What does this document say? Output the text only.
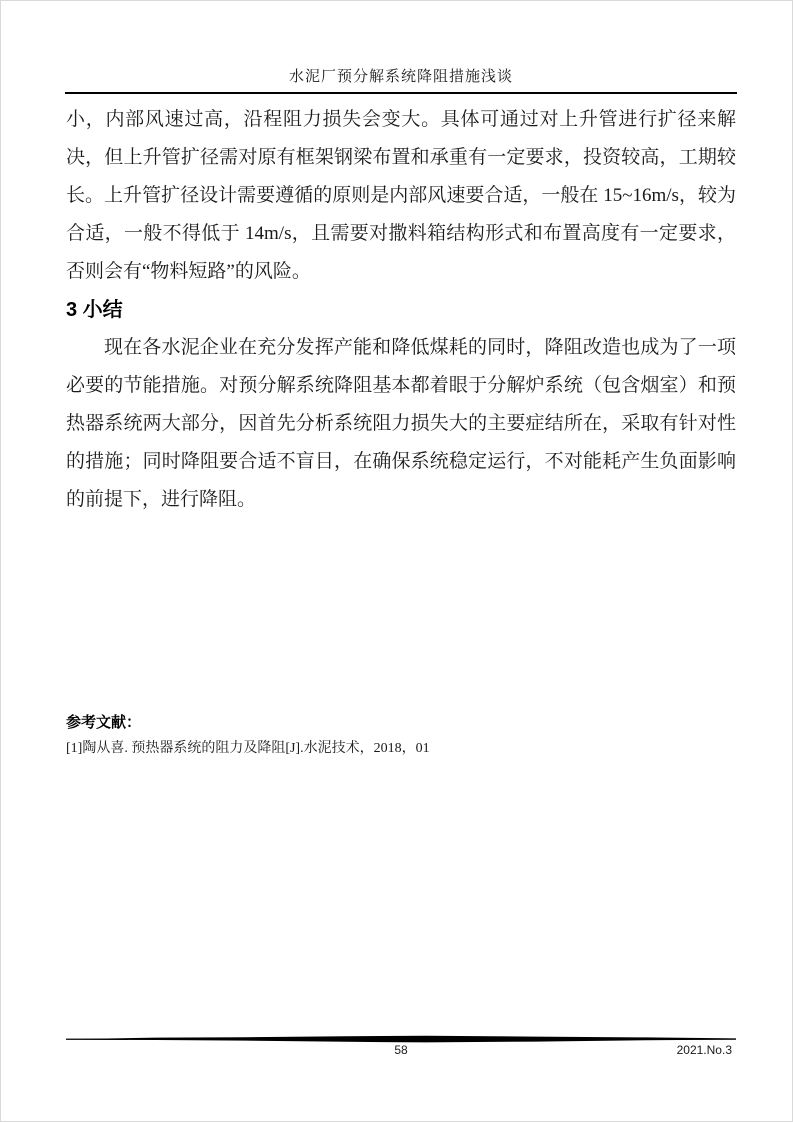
水泥厂预分解系统降阻措施浅谈

小，内部风速过高，沿程阻力损失会变大。具体可通过对上升管进行扩径来解决，但上升管扩径需对原有框架钢梁布置和承重有一定要求，投资较高，工期较长。上升管扩径设计需要遵循的原则是内部风速要合适，一般在 15~16m/s，较为合适，一般不得低于 14m/s，且需要对撒料箱结构形式和布置高度有一定要求，否则会有“物料短路”的风险。

3 小结

现在各水泥企业在充分发挥产能和降低煤耗的同时，降阻改造也成为了一项必要的节能措施。对预分解系统降阻基本都着眼于分解炉系统（包含烟室）和预热器系统两大部分，因首先分析系统阻力损失大的主要症结所在，采取有针对性的措施；同时降阻要合适不盲目，在确保系统稳定运行，不对能耗产生负面影响的前提下，进行降阻。

参考文献：

[1]陶从喜. 预热器系统的阻力及降阻[J].水泥技术，2018，01

58	2021.No.3
